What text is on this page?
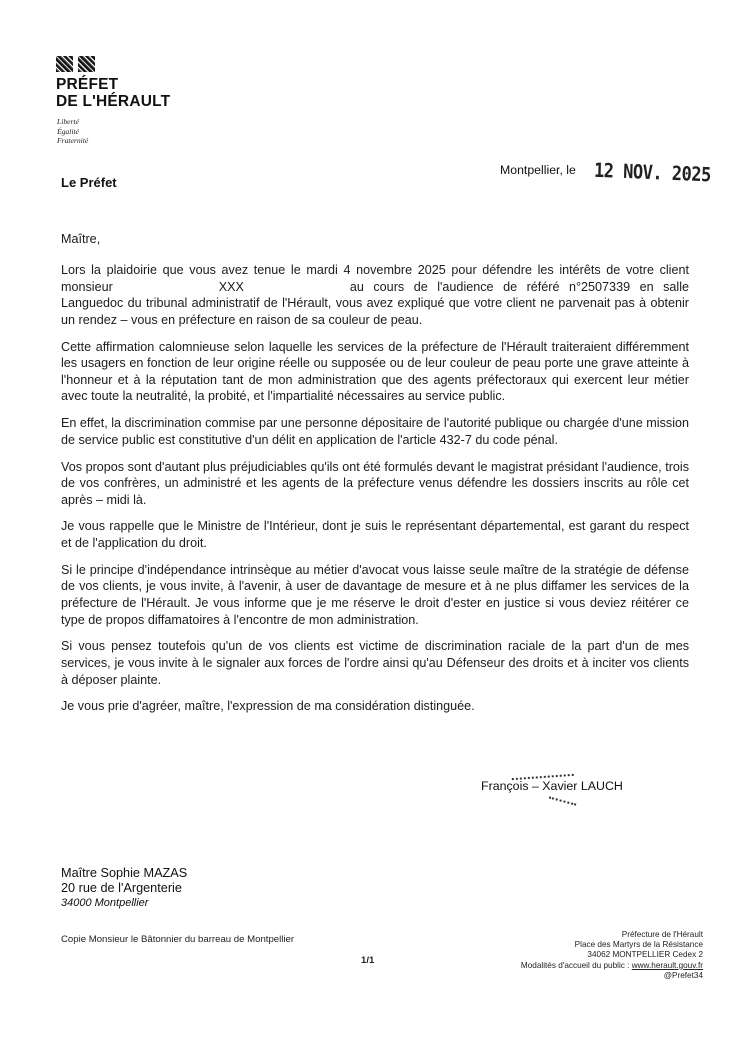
PRÉFET
DE L'HÉRAULT
Liberté
Égalité
Fraternité
Le Préfet
Montpellier, le 12 NOV. 2025
Maître,

Lors la plaidoirie que vous avez tenue le mardi 4 novembre 2025 pour défendre les intérêts de votre client monsieur	XXX	au cours de l'audience de référé n°2507339 en salle Languedoc du tribunal administratif de l'Hérault, vous avez expliqué que votre client ne parvenait pas à obtenir un rendez – vous en préfecture en raison de sa couleur de peau.

Cette affirmation calomnieuse selon laquelle les services de la préfecture de l'Hérault traiteraient différemment les usagers en fonction de leur origine réelle ou supposée ou de leur couleur de peau porte une grave atteinte à l'honneur et à la réputation tant de mon administration que des agents préfectoraux qui exercent leur métier avec toute la neutralité, la probité, et l'impartialité nécessaires au service public.

En effet, la discrimination commise par une personne dépositaire de l'autorité publique ou chargée d'une mission de service public est constitutive d'un délit en application de l'article 432-7 du code pénal.

Vos propos sont d'autant plus préjudiciables qu'ils ont été formulés devant le magistrat présidant l'audience, trois de vos confrères, un administré et les agents de la préfecture venus défendre les dossiers inscrits au rôle cet après – midi là.

Je vous rappelle que le Ministre de l'Intérieur, dont je suis le représentant départemental, est garant du respect et de l'application du droit.

Si le principe d'indépendance intrinsèque au métier d'avocat vous laisse seule maître de la stratégie de défense de vos clients, je vous invite, à l'avenir, à user de davantage de mesure et à ne plus diffamer les services de la préfecture de l'Hérault. Je vous informe que je me réserve le droit d'ester en justice si vous deviez réitérer ce type de propos diffamatoires à l'encontre de mon administration.

Si vous pensez toutefois qu'un de vos clients est victime de discrimination raciale de la part d'un de mes services, je vous invite à le signaler aux forces de l'ordre ainsi qu'au Défenseur des droits et à inciter vos clients à déposer plainte.

Je vous prie d'agréer, maître, l'expression de ma considération distinguée.

François – Xavier LAUCH
Maître Sophie MAZAS
20 rue de l'Argenterie
34000 Montpellier
Copie Monsieur le Bâtonnier du barreau de Montpellier
1/1
Préfecture de l'Hérault
Place des Martyrs de la Résistance
34062 MONTPELLIER Cedex 2
Modalités d'accueil du public : www.herault.gouv.fr
@Prefet34
